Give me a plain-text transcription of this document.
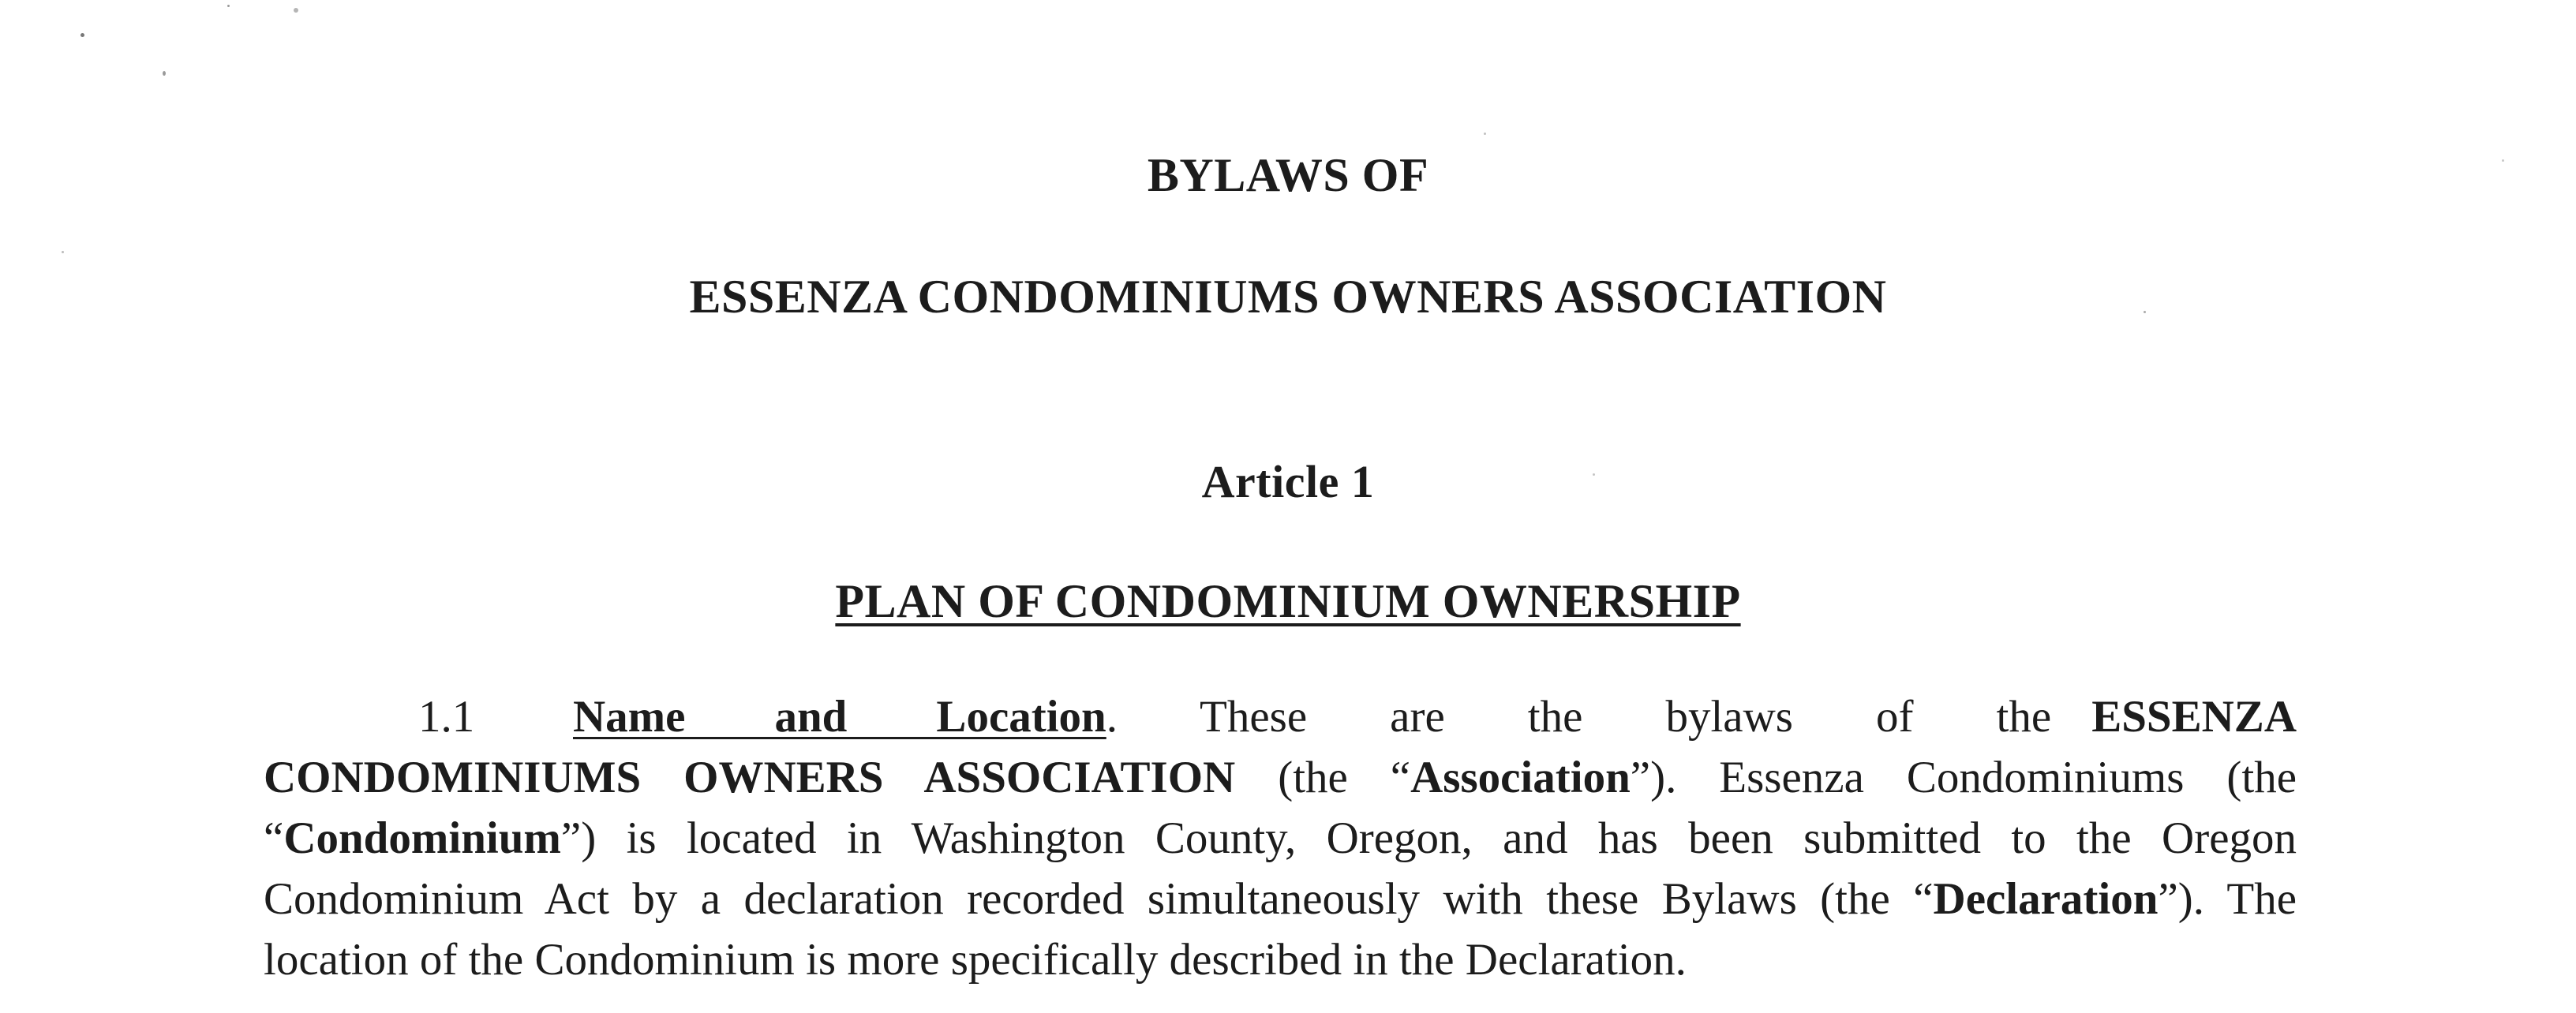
BYLAWS OF
ESSENZA CONDOMINIUMS OWNERS ASSOCIATION
Article 1
PLAN OF CONDOMINIUM OWNERSHIP

1.1 Name and Location. These are the bylaws of the ESSENZA CONDOMINIUMS OWNERS ASSOCIATION (the “Association”). Essenza Condominiums (the “Condominium”) is located in Washington County, Oregon, and has been submitted to the Oregon Condominium Act by a declaration recorded simultaneously with these Bylaws (the “Declaration”). The location of the Condominium is more specifically described in the Declaration.
